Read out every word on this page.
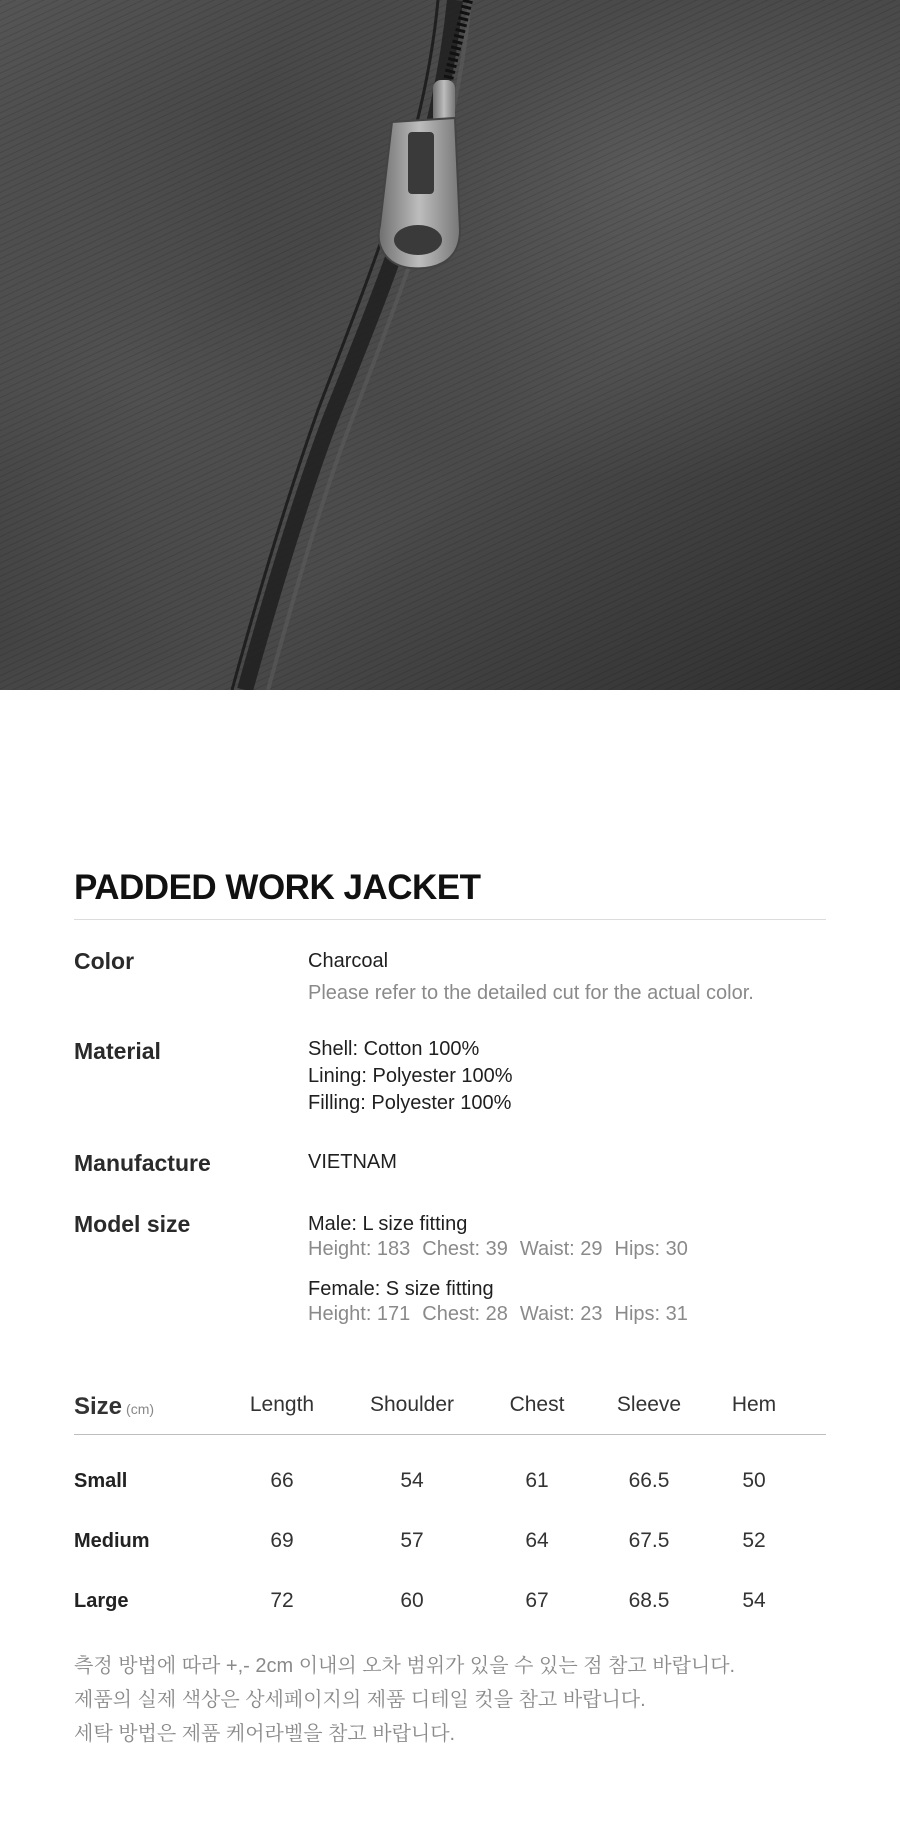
PADDED WORK JACKET
Color	Charcoal
Please refer to the detailed cut for the actual color.
Material	Shell: Cotton 100%
Lining: Polyester 100%
Filling: Polyester 100%
Manufacture	VIETNAM
Model size	Male: L size fitting
Height: 183 Chest: 39 Waist: 29 Hips: 30
Female: S size fitting
Height: 171 Chest: 28 Waist: 23 Hips: 31
Size (cm)	Length	Shoulder	Chest	Sleeve	Hem
Small	66	54	61	66.5	50
Medium	69	57	64	67.5	52
Large	72	60	67	68.5	54
측정 방법에 따라 +,- 2cm 이내의 오차 범위가 있을 수 있는 점 참고 바랍니다.
제품의 실제 색상은 상세페이지의 제품 디테일 컷을 참고 바랍니다.
세탁 방법은 제품 케어라벨을 참고 바랍니다.
